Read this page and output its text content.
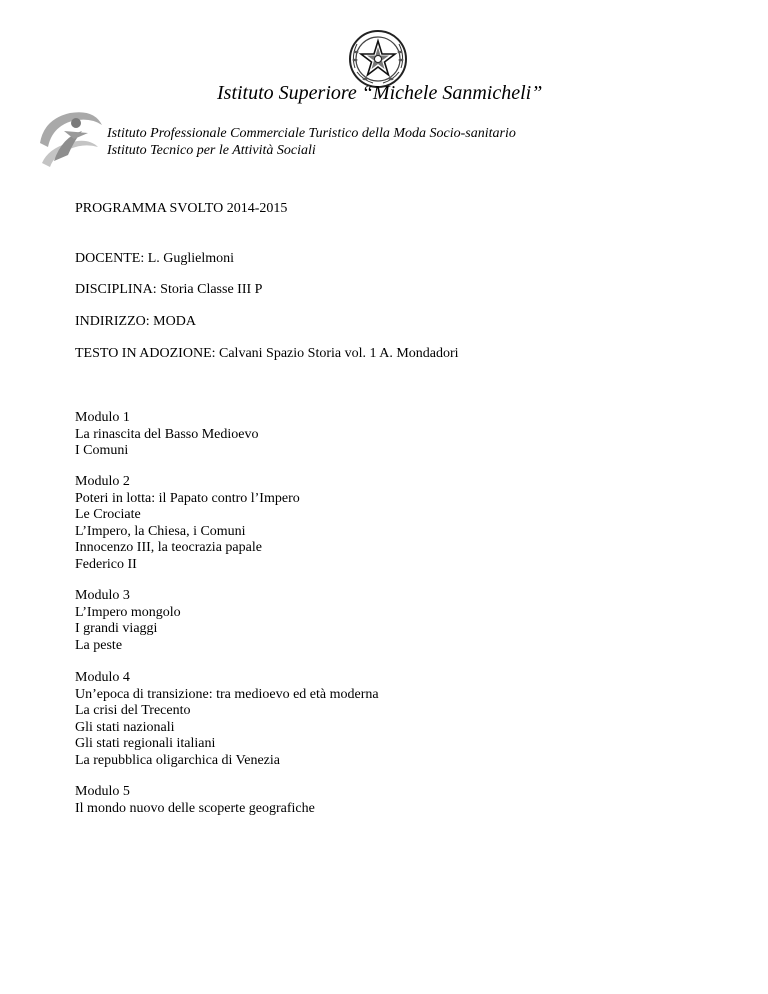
Istituto Superiore “Michele Sanmicheli”
Istituto Professionale Commerciale Turistico della Moda Socio-sanitario
Istituto Tecnico per le Attività Sociali
PROGRAMMA SVOLTO 2014-2015
DOCENTE: L. Guglielmoni
DISCIPLINA: Storia Classe III P
INDIRIZZO: MODA
TESTO IN ADOZIONE: Calvani Spazio Storia vol. 1 A. Mondadori
Modulo 1
La rinascita del Basso Medioevo
I Comuni
Modulo 2
Poteri in lotta: il Papato contro l’Impero
Le Crociate
L’Impero, la Chiesa, i Comuni
Innocenzo III, la teocrazia papale
Federico II
Modulo 3
L’Impero mongolo
I grandi viaggi
La peste
Modulo 4
Un’epoca di transizione: tra medioevo ed età moderna
La crisi del Trecento
Gli stati nazionali
Gli stati regionali italiani
La repubblica oligarchica di Venezia
Modulo 5
Il mondo nuovo delle scoperte geografiche
